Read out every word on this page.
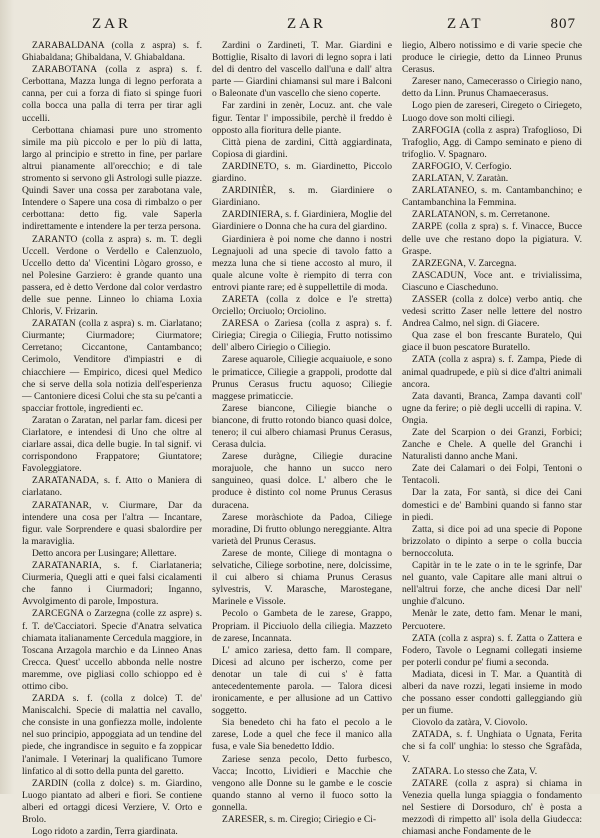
ZAR	ZAR	ZAT	807

ZARABALDANA (colla z aspra) s. f. Ghiabaldana; Ghibaldana, V. Ghiabaldana.

ZARABOTANA (colla z aspra) s. f. Cerbottana, Mazza lunga di legno perforata a canna, per cui a forza di fiato si spinge fuori colla bocca una palla di terra per tirar agli uccelli.

Cerbottana chiamasi pure uno stromento simile ma più piccolo e per lo più di latta, largo al principio e stretto in fine, per parlare altrui pianamente all'orecchio; e di tale stromento si servono gli Astrologi sulle piazze. Quindi Saver una cossa per zarabotana vale, Intendere o Sapere una cosa di rimbalzo o per cerbottana: detto fig. vale Saperla indirettamente e intendere la per terza persona.

ZARANTO (colla z aspra) s. m. T. degli Uccell. Verdone o Verdello e Calenzuolo, Uccello detto da' Vicentini Lògaro grosso, e nel Polesine Garziero: è grande quanto una passera, ed è detto Verdone dal color verdastro delle sue penne. Linneo lo chiama Loxia Chloris, V. Frizarin.

ZARATAN (colla z aspra) s. m. Ciarlatano; Ciurmante; Ciurmadore; Ciurmatore; Cerretano; Ciccantone, Cantambanco; Cerimolo, Venditore d'impiastri e di chiacchiere — Empirico, dicesi quel Medico che si serve della sola notizia dell'esperienza — Cantoniere dicesi Colui che sta su pe'canti a spacciar frottole, ingredienti ec.

Zaratan o Zaratan, nel parlar fam. dicesi per Ciarlatore, e intendesi di Uno che oltre al ciarlare assai, dica delle bugie. In tal signif. vi corrispondono Frappatore; Giuntatore; Favoleggiatore.

ZARATANADA, s. f. Atto o Maniera di ciarlatano.

ZARATANAR, v. Ciurmare, Dar da intendere una cosa per l'altra — Incantare, figur. vale Sorprendere e quasi sbalordire per la maraviglia.

Detto ancora per Lusingare; Allettare.

ZARATANARIA, s. f. Ciarlataneria; Ciurmeria, Quegli atti e quei falsi cicalamenti che fanno i Ciurmadori; Inganno, Avvolgimento di parole, Impostura.

ZARCEGNA o Zarzegna (colle zz aspre) s. f. T. de'Cacciatori. Specie d'Anatra selvatica chiamata italianamente Cercedula maggiore, in Toscana Arzagola marchio e da Linneo Anas Crecca. Quest' uccello abbonda nelle nostre maremme, ove pigliasi collo schioppo ed è ottimo cibo.

ZARDA s. f. (colla z dolce) T. de' Maniscalchi. Specie di malattia nel cavallo, che consiste in una gonfiezza molle, indolente nel suo principio, appoggiata ad un tendine del piede, che ingrandisce in seguito e fa zoppicar l'animale. I Veterinarj la qualificano Tumore linfatico al di sotto della punta del garetto.

ZARDIN (colla z dolce) s. m. Giardino, Luogo piantato ad alberi e fiori. Se contiene alberi ed ortaggi dicesi Verziere, V. Orto e Brolo.

Logo ridoto a zardin, Terra giardinata.

Zardini o Zardineti, T. Mar. Giardini e Bottiglie, Risalto di lavori di legno sopra i lati del di dentro del vascello dall'una e dall' altra parte — Giardini chiamansi sul mare i Balconi o Baleonate d'un vascello che sieno coperte.

Far zardini in zenèr, Locuz. ant. che vale figur. Tentar l' impossibile, perchè il freddo è opposto alla fioritura delle piante.

Città piena de zardini, Città aggiardinata, Copiosa di giardini.

ZARDINETO, s. m. Giardinetto, Piccolo giardino.

ZARDINIÈR, s. m. Giardiniere o Giardiniano.

ZARDINIERA, s. f. Giardiniera, Moglie del Giardiniere o Donna che ha cura del giardino.

Giardiniera è poi nome che danno i nostri Legnajuoli ad una specie di tavolo fatto a mezza luna che si tiene accosto al muro, il quale alcune volte è riempito di terra con entrovi piante rare; ed è suppellettile di moda.

ZARETA (colla z dolce e l'e stretta) Orciello; Orciuolo; Orciolino.

ZARESA o Zariesa (colla z aspra) s. f. Ciriegia; Ciregia o Ciliegia, Frutto notissimo dell' albero Ciriegio o Ciliegio.

Zarese aquarole, Ciliegie acquaiuole, e sono le primaticce, Ciliegie a grappoli, prodotte dal Prunus Cerasus fructu aquoso; Ciliegie maggese primaticcie.

Zarese biancone, Ciliegie bianche o biancone, di frutto rotondo bianco quasi dolce, tenero; il cui albero chiamasi Prunus Cerasus, Cerasa dulcia.

Zarese duràgne, Ciliegie duracine morajuole, che hanno un succo nero sanguineo, quasi dolce. L' albero che le produce è distinto col nome Prunus Cerasus duracena.

Zarese moràschiote da Padoa, Ciliege moradine, Di frutto oblungo nereggiante. Altra varietà del Prunus Cerasus.

Zarese de monte, Ciliege di montagna o selvatiche, Ciliege sorbotine, nere, dolcissime, il cui albero si chiama Prunus Cerasus sylvestris, V. Marasche, Marostegane, Marinele e Vissole.

Pecolo o Gambeta de le zarese, Grappo, Propriam. il Picciuolo della ciliegia. Mazzeto de zarese, Incannata.

L' amico zariesa, detto fam. Il compare, Dicesi ad alcuno per ischerzo, come per denotar un tale di cui s' è fatta antecedentemente parola. — Talora dicesi ironicamente, e per allusione ad un Cattivo soggetto.

Sia benedeto chi ha fato el pecolo a le zarese, Lode a quel che fece il manico alla fusa, e vale Sia benedetto Iddio.

Zariese senza pecolo, Detto furbesco, Vacca; Incotto, Lividieri e Macchie che vengono alle Donne su le gambe e le coscie quando stanno al verno il fuoco sotto la gonnella.

ZARESER, s. m. Ciregio; Ciriegio e Ci-

liegio, Albero notissimo e di varie specie che produce le ciriegie, detto da Linneo Prunus Cerasus.

Zareser nano, Camecerasso o Ciriegio nano, detto da Linn. Prunus Chamaecerasus.

Logo pien de zareseri, Ciregeto o Ciriegeto, Luogo dove son molti ciliegi.

ZARFOGIA (colla z aspra) Trafoglioso, Di Trafoglio, Agg. di Campo seminato e pieno di trifoglio. V. Spagnaro.

ZARFOGIO, V. Cerfogio.

ZARLATAN, V. Zaratàn.

ZARLATANEO, s. m. Cantambanchino; e Cantambanchina la Femmina.

ZARLATANON, s. m. Cerretanone.

ZARPE (colla z spra) s. f. Vinacce, Bucce delle uve che restano dopo la pigiatura. V. Graspe.

ZARZEGNA, V. Zarcegna.

ZASCADUN, Voce ant. e trivialissima, Ciascuno e Ciascheduno.

ZASSER (colla z dolce) verbo antiq. che vedesi scritto Zaser nelle lettere del nostro Andrea Calmo, nel sign. di Giacere.

Qua zase el bon frescante Buratelo, Qui giace il buon pescatore Buratello.

ZATA (colla z aspra) s. f. Zampa, Piede di animal quadrupede, e più si dice d'altri animali ancora.

Zata davanti, Branca, Zampa davanti coll' ugne da ferire; o piè degli uccelli di rapina. V. Ongia.

Zate del Scarpion o dei Granzi, Forbici; Zanche e Chele. A quelle del Granchi i Naturalisti danno anche Mani.

Zate dei Calamari o dei Folpi, Tentoni o Tentacoli.

Dar la zata, For santà, si dice dei Cani domestici e de' Bambini quando si fanno star in piedi.

Zatta, si dice poi ad una specie di Popone brizzolato o dipinto a serpe o colla buccia bernoccoluta.

Capitàr in te le zate o in te le sgrinfe, Dar nel guanto, vale Capitare alle mani altrui o nell'altrui forze, che anche dicesi Dar nell' unghie d'alcuno.

Menàr le zate, detto fam. Menar le mani, Percuotere.

ZATA (colla z aspra) s. f. Zatta o Zattera e Fodero, Tavole o Legnami collegati insieme per poterli condur pe' fiumi a seconda.

Madiata, dicesi in T. Mar. a Quantità di alberi da nave rozzi, legati insieme in modo che possano esser condotti galleggiando giù per un fiume.

Ciovolo da zatàra, V. Ciovolo.

ZATADA, s. f. Unghiata o Ugnata, Ferita che si fa coll' unghia: lo stesso che Sgrafàda, V.

ZATARA. Lo stesso che Zata, V.

ZATARE (colla z aspra) si chiama in Venezia quella lunga spiaggia o fondamento nel Sestiere di Dorsoduro, ch' è posta a mezzodì di rimpetto all' isola della Giudecca: chiamasi anche Fondamente de le
